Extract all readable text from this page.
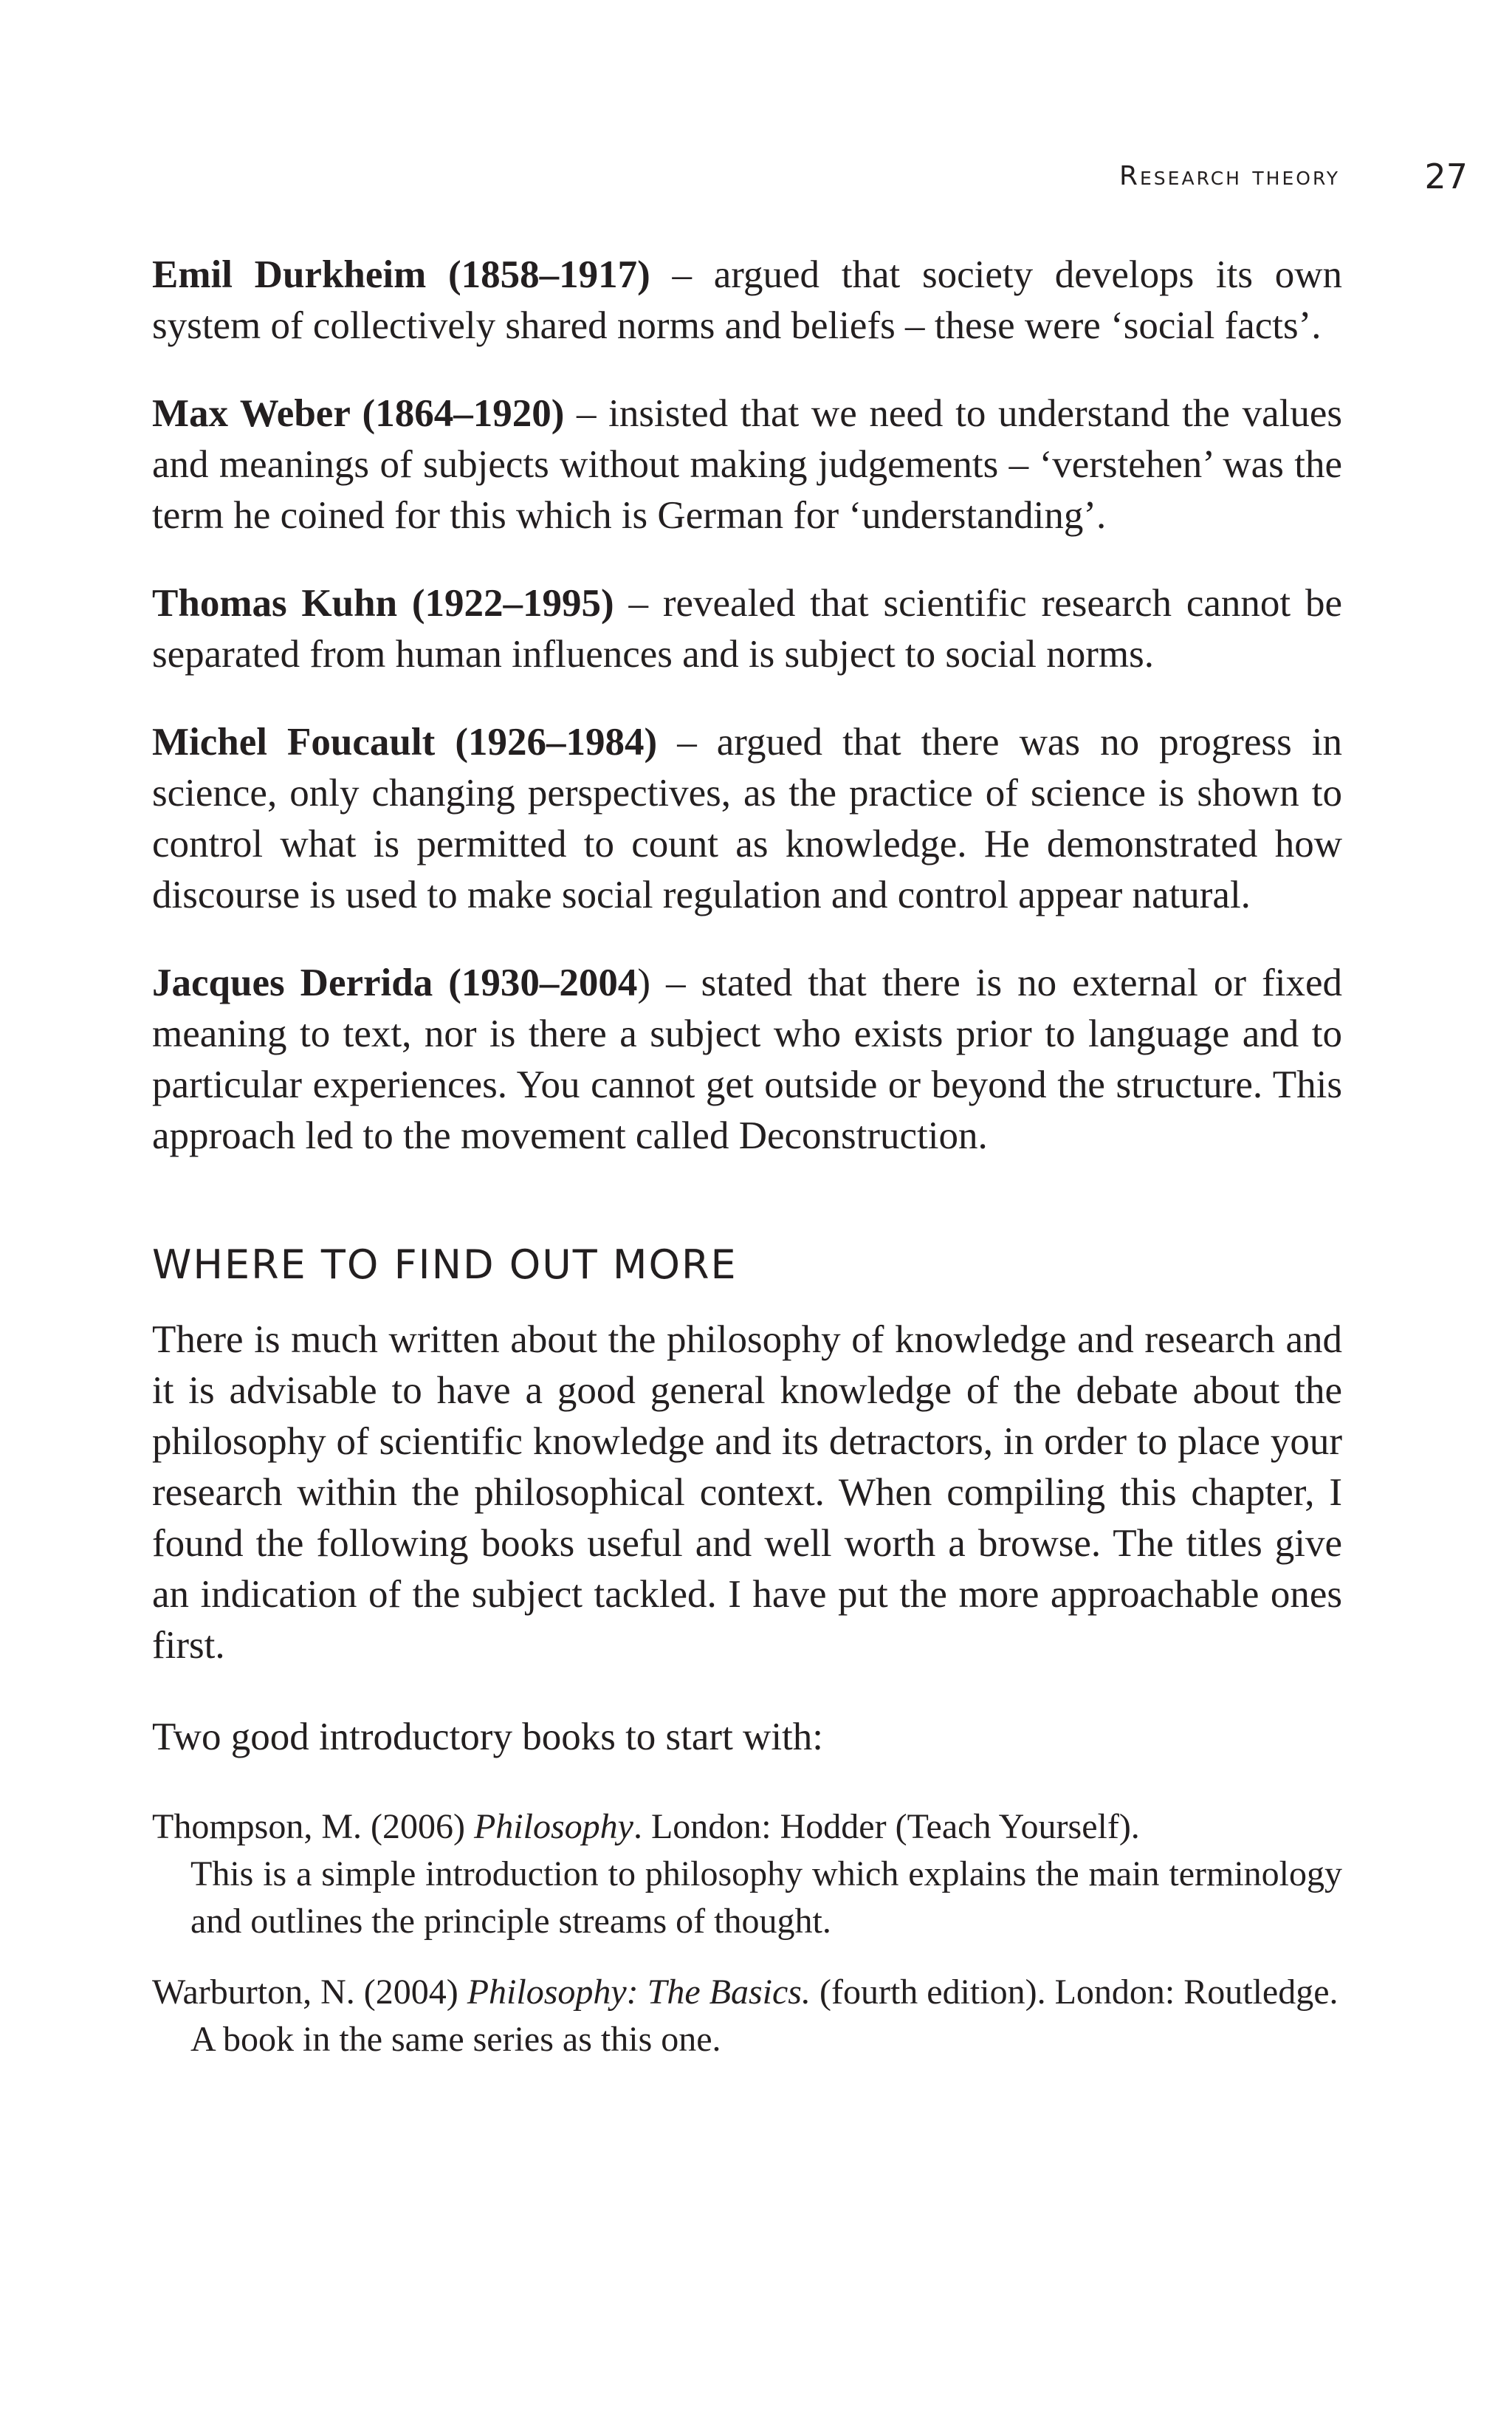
Research theory 27

Emil Durkheim (1858–1917) – argued that society develops its own system of collectively shared norms and beliefs – these were ‘social facts’.

Max Weber (1864–1920) – insisted that we need to understand the values and meanings of subjects without making judgements – ‘verstehen’ was the term he coined for this which is German for ‘understanding’.

Thomas Kuhn (1922–1995) – revealed that scientific research cannot be separated from human influences and is subject to social norms.

Michel Foucault (1926–1984) – argued that there was no progress in science, only changing perspectives, as the practice of science is shown to control what is permitted to count as knowledge. He demonstrated how discourse is used to make social regulation and control appear natural.

Jacques Derrida (1930–2004) – stated that there is no external or fixed meaning to text, nor is there a subject who exists prior to language and to particular experiences. You cannot get outside or beyond the structure. This approach led to the movement called Deconstruction.

WHERE TO FIND OUT MORE

There is much written about the philosophy of knowledge and research and it is advisable to have a good general knowledge of the debate about the philosophy of scientific knowledge and its detractors, in order to place your research within the philosophical context. When compiling this chapter, I found the following books useful and well worth a browse. The titles give an indication of the subject tackled. I have put the more approachable ones first.

Two good introductory books to start with:

Thompson, M. (2006) Philosophy. London: Hodder (Teach Yourself).

This is a simple introduction to philosophy which explains the main terminology and outlines the principle streams of thought.

Warburton, N. (2004) Philosophy: The Basics. (fourth edition). London: Routledge.

A book in the same series as this one.
